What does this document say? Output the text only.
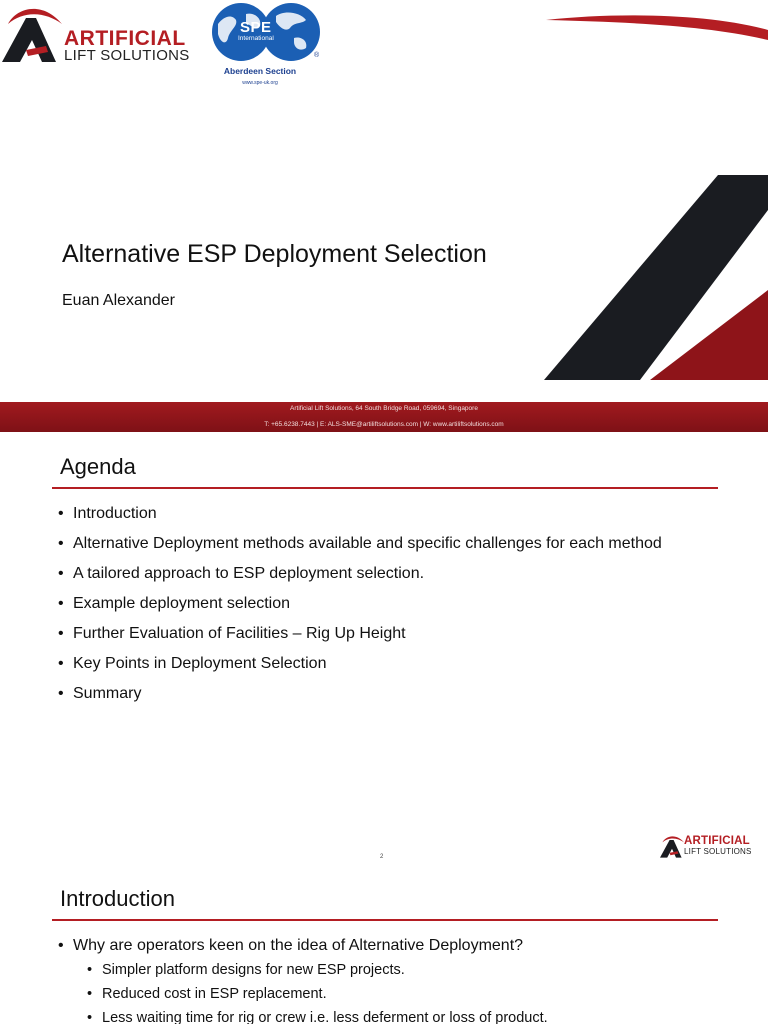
ARTIFICIAL
LIFT SOLUTIONS
SPE
International
®
Aberdeen Section
www.spe-uk.org
Alternative ESP Deployment Selection
Euan Alexander
Artificial Lift Solutions, 64 South Bridge Road, 059694, Singapore
T: +65.6238.7443 | E: ALS-SME@artiliftsolutions.com | W: www.artiliftsolutions.com
Agenda
• Introduction
• Alternative Deployment methods available and specific challenges for each method
• A tailored approach to ESP deployment selection.
• Example deployment selection
• Further Evaluation of Facilities – Rig Up Height
• Key Points in Deployment Selection
• Summary
2
ARTIFICIAL
LIFT SOLUTIONS
Introduction
• Why are operators keen on the idea of Alternative Deployment?
• Simpler platform designs for new ESP projects.
• Reduced cost in ESP replacement.
• Less waiting time for rig or crew i.e. less deferment or loss of product.
